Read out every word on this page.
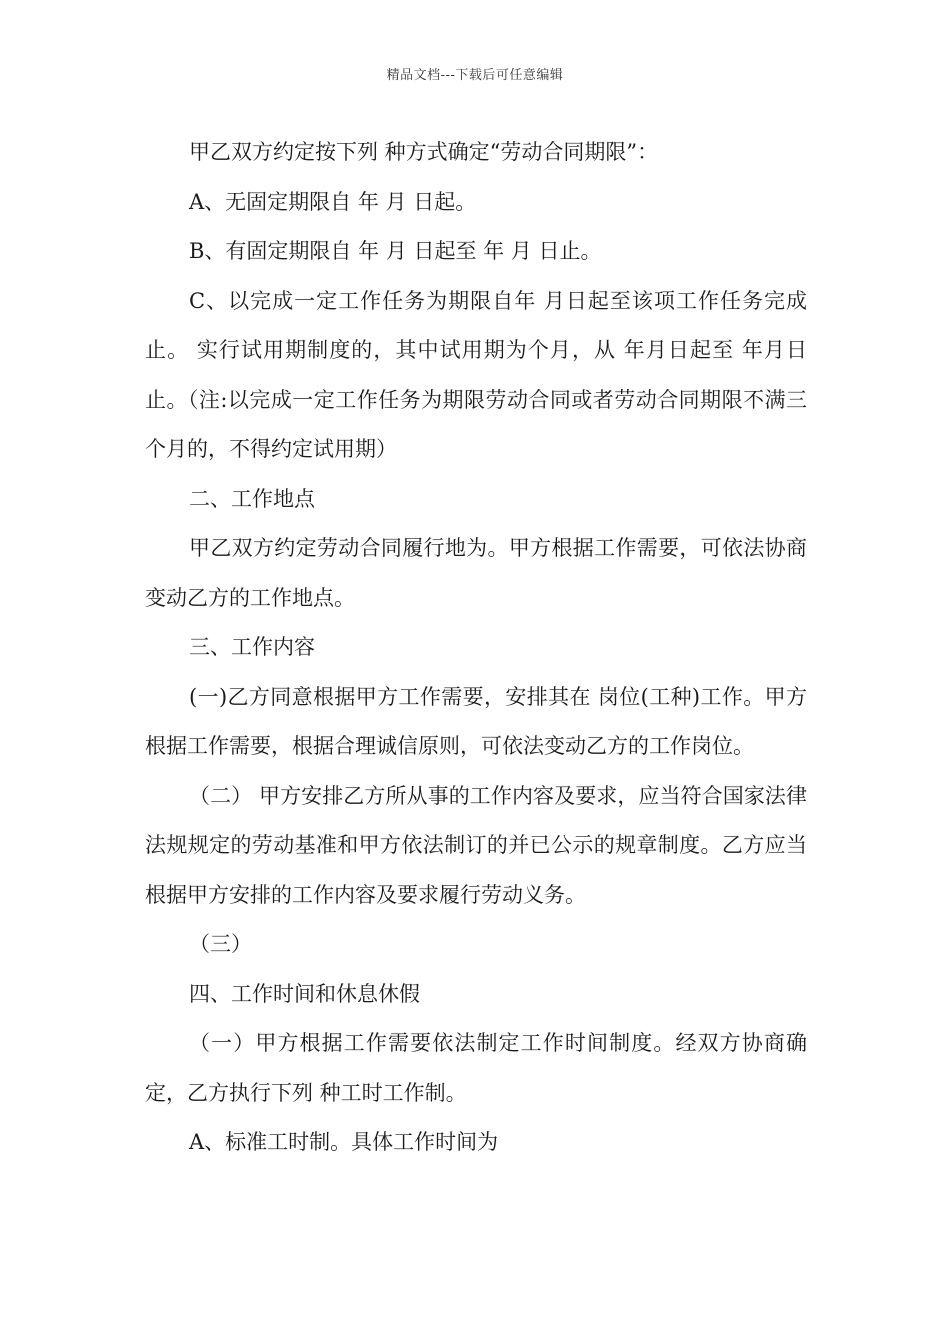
精品文档---下载后可任意编辑

甲乙双方约定按下列 种方式确定“劳动合同期限”：

A、无固定期限自 年 月 日起。

B、有固定期限自 年 月 日起至 年 月 日止。

C、以完成一定工作任务为期限自年 月日起至该项工作任务完成止。 实行试用期制度的，其中试用期为个月，从 年月日起至 年月日止。（注:以完成一定工作任务为期限劳动合同或者劳动合同期限不满三个月的，不得约定试用期）

二、工作地点

甲乙双方约定劳动合同履行地为。甲方根据工作需要，可依法协商变动乙方的工作地点。

三、工作内容

(一)乙方同意根据甲方工作需要，安排其在 岗位(工种)工作。甲方根据工作需要，根据合理诚信原则，可依法变动乙方的工作岗位。

（二） 甲方安排乙方所从事的工作内容及要求，应当符合国家法律法规规定的劳动基准和甲方依法制订的并已公示的规章制度。乙方应当根据甲方安排的工作内容及要求履行劳动义务。

（三）

四、工作时间和休息休假

（一）甲方根据工作需要依法制定工作时间制度。经双方协商确定，乙方执行下列 种工时工作制。

A、标准工时制。具体工作时间为
